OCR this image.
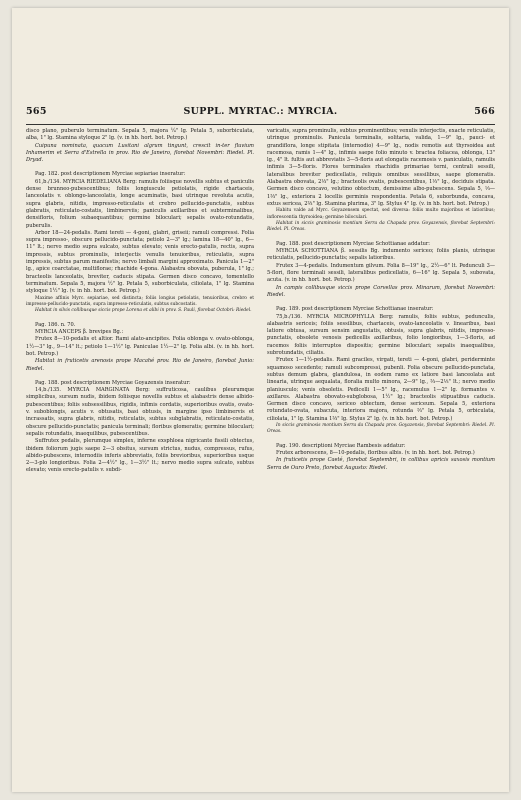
565	SUPPL. MYRTAC.: MYRCIA.	566

disco plano, puberulo terminatum. Sepala 5, majora ¼" lg. Petala 5, suborbiculata, alba, 1" lg. Stamina styloque 2" lg. (v. in hb. hort. bot. Petrop.)

Cuipuna nominata, quacum Lusitani algrum tingunt, crescit in-ter fluvium Inhamerim et Serra d'Estrella in prov. Rio de Janeiro, florebat Novembri: Riedel. Pl. Dryad.

Pag. 182. post descriptionem Myrciae sepiariae inseratur:

61,b./134. MYRCIA RIEDELIANA Berg: ramulis foliisque novellis subtus et paniculis dense brunneo-pubescentibus; foliis longiuscule petiolatis, rigide chartaceis, lanceolatis v. oblongo-lanceolatis, longe acuminatis, basi utrinque revoluta acutis, supra glabris, nitidis, impresso-reticulatis et crebro pellucido-punctatis, subtus glabratis, reticulato-costatis, limbinerviis; paniculis axillaribus et subterminalibus, densifloris, folium subaequantibus; germine biloculari; sepalis ovato-rotundatis, puberulis.

Arbor 18—24-pedalis. Rami tereti — 4-goni, glabri, griseii; ramuli compressi. Folia supra impresso-, obscure pellucido-punctata; petiolo 2—3" lg.; lamina 18—40" lg., 6—11" lt.; nervo medio supra sulcato, subtus elevato; venis erecto-patulis, rectis, supra impressis, subtus prominulis, interjectis venulis tenuioribus, reticulatis, supra impressis, subtus parum manifestis; nervo limbali margini approximato. Panicula 1—2" lg., apice coarctatae, multiflorae; rhachide 4-gona. Alabastra obovata, puberula, 1" lg.; bracteolis lanceolatis, breviter, caducis stipata. Germen disco concavo, tomentello terminatum. Sepala 5, majora ½" lg. Petala 5, suborbiculata, ciliolata, 1" lg. Stamina styloque 1½" lg. (v. in hb. hort. bot. Petrop.)

Maxime affinis Myrc. sepiariae, sed distincta; foliis longius petiolatis, tenuioribus, crebro et impresso-pellucido-punctatis, supra impresso-reticulatis, subtus subcostatis.

Habitat in silvis collibusque siccis prope Lorena et alibi in prov. S. Pauli, florebat Octobri: Riedel.

Pag. 186. n. 70.

MYRCIA ANCEPS β. brevipes Bg.:

Frutex 8—10-pedalis et altior. Rami alato-ancipites. Folia oblonga v. ovato-oblonga, 1½—3" lg., 9—14" lt.; petiolo 1—1½" lg. Paniculae 1½—2" lg. Folia albi. (v. in hb. hort. bot. Petrop.)

Habitat in fruticetis arenosis prope Macahé prov. Rio de Janeiro, florebat Junio: Riedel.

Pag. 188. post descriptionem Myrciae Goyazensis inseratur:

14,b./135. MYRCIA MARGINATA Berg: suffruticosa, caulibus pleurumque simplicibus, sursum nudis, ibidem foliisque novellis subtus et alabastris dense albido-pubescentibus; foliis subsessilibus, rigidis, infimis cordatis, superioribus ovatis, ovato- v. suboblongis, acutis v. obtusatis, basi obtusis, in margine ipso limbinervis et incrassatis, supra glabris, nitidis, reticulatis, subtus subglabratis, reticulato-costatis, obscure pellucido-punctatis; panicula terminali; floribus glomeratis; germine biloculari; sepalis rotundatis, inaequilibus, pubescentibus.

Suffrutex pedalis, plerumque simplex, inferne exsphloea nigricante fissili obtectus, ibidem foliorum jugis saepe 2—3 obsitus, sursum strictus, nudus, compressus, rufus, albido-pubescens, internodiis inferis abbreviatis, foliis brevioribus, superioribus usque 2—3-plo longioribus. Folia 2—4½" lg., 1—3½" lt.; nervo medio supra sulcato, subtus elevato; venis erecto-patulis v. subdi-

varicatis, supra prominulis, subtus prominentibus; venulis interjectis, exacte reticulatis, utrinque prominulis. Panicula terminalis, solitaria, valida, 1—9" lg., pauci- et grandiflora, longe stipitata (internodio) 4—9" lg., nodis remotis aut thyrsoidea aut racemosa, ramis 1—4" lg., infimis saepe folio minuto v. bractea foliacea, oblonga, 13" lg., 4" lt. fultis aut abbreviatis 3—5-floris aut elongatis racemosis v. paniculatis, ramulis infimis 3—5-floris. Flores terminales rhachidis primariae terni, centrali sessili, lateralibus breviter pedicellatis, reliquis omnibus sessilibus, saepe glomeratis. Alabastra obovata, 2⅓" lg.; bracteolis ovatis, pubescentibus, 1⅓" lg., deciduis stipata. Germen disco concavo, velutino obtectum, demissime albo-pubescens. Sepala 5, ⅓—1⅔" lg., exteriora 2 locellis germinis respondentia. Petala 6, suborbunda, concava, extus sericea, 2⅔" lg. Stamina plurima, 3" lg. Stylus 4" lg. (v. in hb. hort. bot. Petrop.)

Habitu valde ad Myrc. Goyazensem spectat, sed diversa: foliis multo majoribus et latioribus; inflorescentia thyrsoidea; germine biloculari.

Habitat in siccis graminosis montium Serra da Chapada prov. Goyazensis, florebat Septembri: Riedel. Pl. Oreas.

Pag. 188. post descriptionem Myrciae Schottianae addatur:

MYRCIA SCHOTTIANA β. sessilis Bg. indumento sericeo; foliis planis, utrinque reticulatis, pellucido-punctatis; sepalis latioribus.

Frutex 3—4-pedalis. Indumentum gilvum. Folia 8—19" lg., 2½—6" lt. Pedunculi 3—5-flori, flore terminali sessili, lateralibus pedicellatis, 6—16" lg. Sepala 5, subovata, acuta. (v. in hb. hort. bot. Petrop.)

In campis collibusque siccis prope Corvellas prov. Minarum, florebat Novembri: Riedel.

Pag. 189. post descriptionem Myrciae Schottianae inseratur:

75,b./136. MYRCIA MICROPHYLLA Berg: ramulis, foliis subtus, pedunculis, alabastris sericeis; foliis sessilibus, chartaceis, ovato-lanceolatis v. linearibus, basi latiore obtusa, sursum sensim angustatis, obtusis, supra glabris, nitidis, impresso-punctatis, obsolete venosis pedicellis axillaribus, folio longioribus, 1—3-floris, ad racemos foliis interruptos dispositis; germine biloculari; sepalis inaequalibus, subrotundatis, ciliatis.

Frutex 1—1½-pedalis. Rami graciles, virgati, tereti — 4-goni, glabri, periderminte squamoso secedente; ramuli subcompressi, pubenli. Folia obscure pellucido-punctata, subtus demum glabra, glandulosa, in eodem ramo ex latiore basi lanceolata aut linearia, utrinque aequalata, floralia multo minora, 2—9" lg., ⅔—2⅓" lt.; nervo medio planiusculo; venis obsoletis. Pedicelli 1—5" lg., racemulus 1—2" lg. formantes v. axillares. Alabastra obovato-subglobosa, 1½" lg.; bracteolis stipuatibus caducis. Germen disco concavo, sericeo obtectum, dense sericeum. Sepala 5, exteriora rotundato-ovata, subacuta, interiora majora, rotunda ⅔" lg. Petala 5, orbiculata, ciliolata, 1" lg. Stamina 1⅔" lg. Stylus 2" lg. (v. in hb. hort. bot. Petrop.)

In siccis graminosis montium Serra da Chapada prov. Goyazensis, florebat Septembri: Riedel. Pl. Oreas.

Pag. 190. descriptioni Myrciae Rambesis addatur:

Frutex arborescens, 8—10-pedalis, floribus albis. (v. in hb. hort. bot. Petrop.)

In fruticetis prope Caeté, florebat Septembri, in collibus apricis saxosis montium Serra de Ouro Preto, florebat Augusto: Riedel.
